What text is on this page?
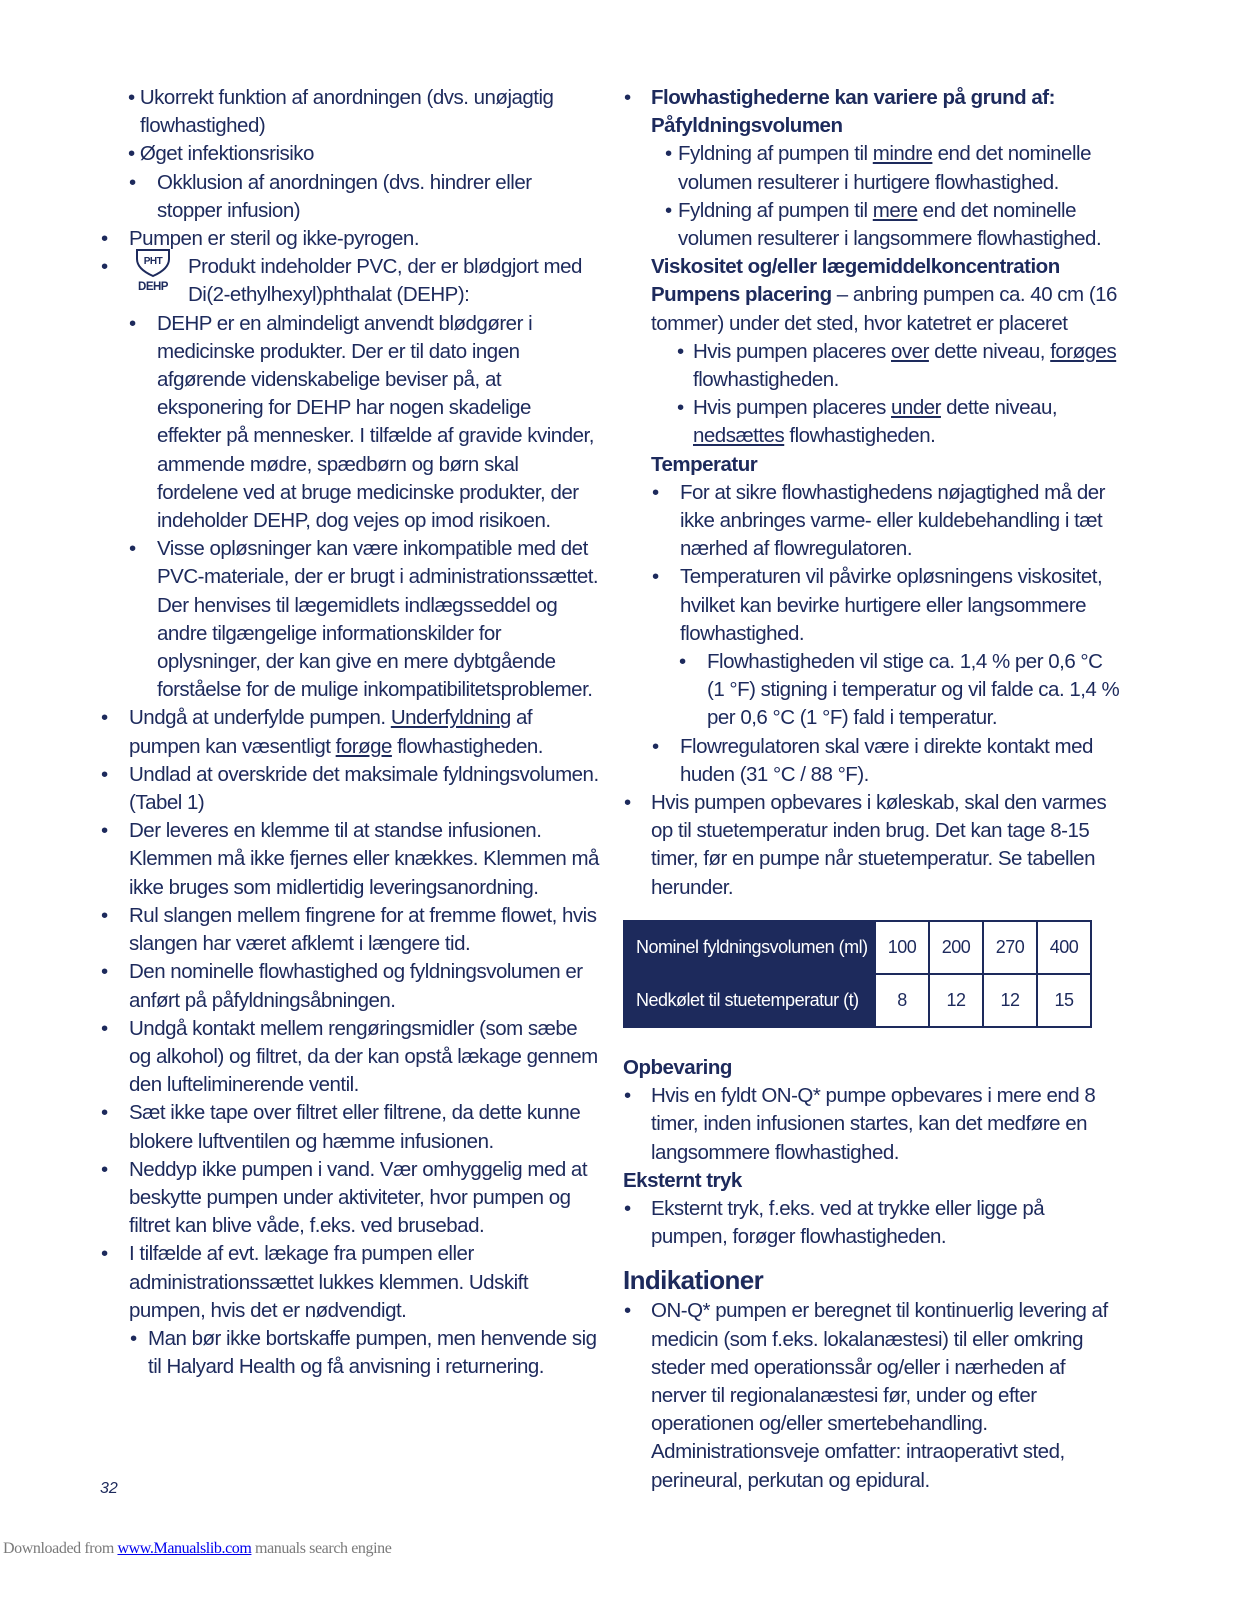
• Ukorrekt funktion af anordningen (dvs. unøjagtig
flowhastighed)
• Øget infektionsrisiko
• Okklusion af anordningen (dvs. hindrer eller stopper infusion)
• Pumpen er steril og ikke-pyrogen.
•	PHT
DEHP
Produkt indeholder PVC, der er blødgjort med
Di(2-ethylhexyl)phthalat (DEHP):
• DEHP er en almindeligt anvendt blødgører i medicinske produkter. Der er til dato ingen afgørende videnskabelige beviser på, at eksponering for DEHP har nogen skadelige effekter på mennesker. I tilfælde af gravide kvinder, ammende mødre, spædbørn og børn skal fordelene ved at bruge medicinske produkter, der indeholder DEHP, dog vejes op imod risikoen.
• Visse opløsninger kan være inkompatible med det PVC-materiale, der er brugt i administrationssættet. Der henvises til lægemidlets indlægsseddel og andre tilgængelige informationskilder for oplysninger, der kan give en mere dybtgående forståelse for de mulige inkompatibilitetsproblemer.
• Undgå at underfylde pumpen. Underfyldning af pumpen kan væsentligt forøge flowhastigheden.
• Undlad at overskride det maksimale fyldningsvolumen. (Tabel 1)
• Der leveres en klemme til at standse infusionen. Klemmen må ikke fjernes eller knækkes. Klemmen må ikke bruges som midlertidig leveringsanordning.
• Rul slangen mellem fingrene for at fremme flowet, hvis slangen har været afklemt i længere tid.
• Den nominelle flowhastighed og fyldningsvolumen er anført på påfyldningsåbningen.
• Undgå kontakt mellem rengøringsmidler (som sæbe og alkohol) og filtret, da der kan opstå lækage gennem den lufteliminerende ventil.
• Sæt ikke tape over filtret eller filtrene, da dette kunne blokere luftventilen og hæmme infusionen.
• Neddyp ikke pumpen i vand. Vær omhyggelig med at beskytte pumpen under aktiviteter, hvor pumpen og filtret kan blive våde, f.eks. ved brusebad.
• I tilfælde af evt. lækage fra pumpen eller administrationssættet lukkes klemmen. Udskift pumpen, hvis det er nødvendigt.
• Man bør ikke bortskaffe pumpen, men henvende sig til Halyard Health og få anvisning i returnering.
• Flowhastighederne kan variere på grund af:
Påfyldningsvolumen
• Fyldning af pumpen til mindre end det nominelle volumen resulterer i hurtigere flowhastighed.
• Fyldning af pumpen til mere end det nominelle volumen resulterer i langsommere flowhastighed.
Viskositet og/eller lægemiddelkoncentration
Pumpens placering – anbring pumpen ca. 40 cm (16 tommer) under det sted, hvor katetret er placeret
• Hvis pumpen placeres over dette niveau, forøges flowhastigheden.
• Hvis pumpen placeres under dette niveau, nedsættes flowhastigheden.
Temperatur
• For at sikre flowhastighedens nøjagtighed må der ikke anbringes varme- eller kuldebehandling i tæt nærhed af flowregulatoren.
• Temperaturen vil påvirke opløsningens viskositet, hvilket kan bevirke hurtigere eller langsommere flowhastighed.
• Flowhastigheden vil stige ca. 1,4 % per 0,6 °C (1 °F) stigning i temperatur og vil falde ca. 1,4 % per 0,6 °C (1 °F) fald i temperatur.
• Flowregulatoren skal være i direkte kontakt med huden (31 °C / 88 °F).
• Hvis pumpen opbevares i køleskab, skal den varmes op til stuetemperatur inden brug. Det kan tage 8-15 timer, før en pumpe når stuetemperatur. Se tabellen herunder.
Nominel fyldningsvolumen (ml)	100	200	270	400
Nedkølet til stuetemperatur (t)	8	12	12	15
Opbevaring
• Hvis en fyldt ON-Q* pumpe opbevares i mere end 8 timer, inden infusionen startes, kan det medføre en langsommere flowhastighed.
Eksternt tryk
• Eksternt tryk, f.eks. ved at trykke eller ligge på pumpen, forøger flowhastigheden.
Indikationer
• ON-Q* pumpen er beregnet til kontinuerlig levering af medicin (som f.eks. lokalanæstesi) til eller omkring steder med operationssår og/eller i nærheden af nerver til regionalanæstesi før, under og efter operationen og/eller smertebehandling. Administrationsveje omfatter: intraoperativt sted, perineural, perkutan og epidural.
32
Downloaded from www.Manualslib.com manuals search engine
